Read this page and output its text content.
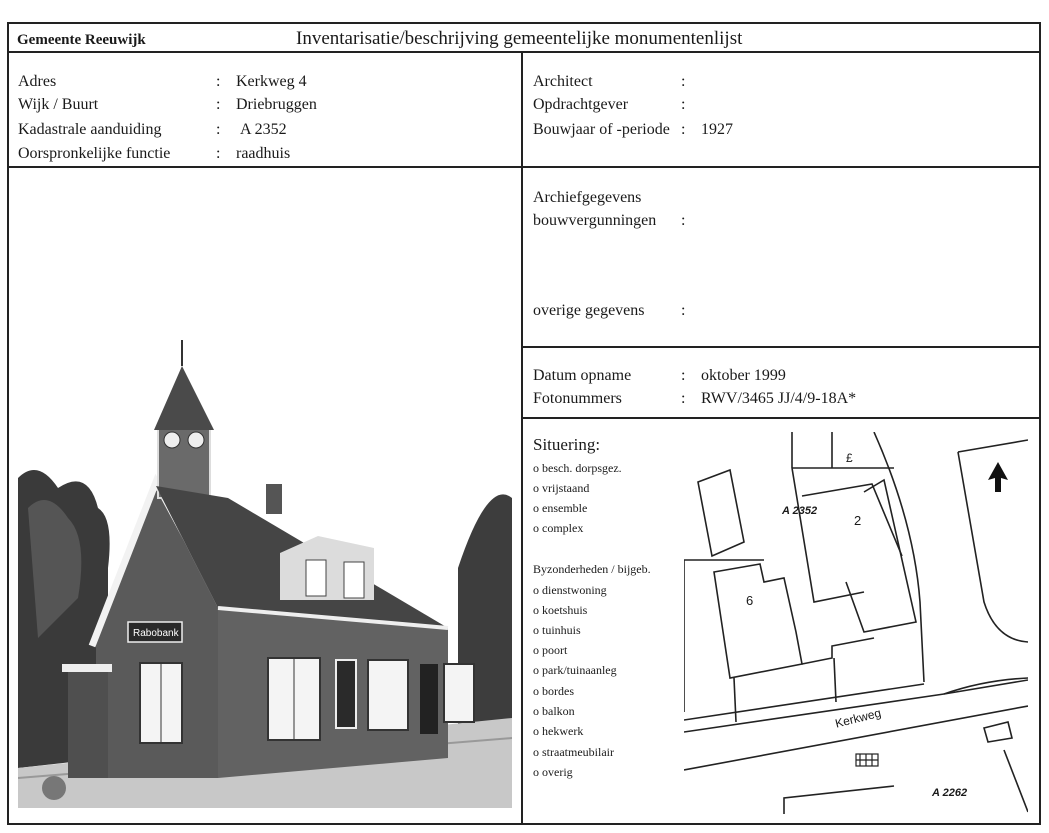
Gemeente Reeuwijk	Inventarisatie/beschrijving gemeentelijke monumentenlijst
Adres	: Kerkweg 4
Wijk / Buurt	: Driebruggen
Kadastrale aanduiding	: A 2352
Oorspronkelijke functie	: raadhuis
Architect	:
Opdrachtgever	:
Bouwjaar of -periode : 1927
Archiefgegevens
bouwvergunningen :
overige gegevens :
Datum opname	: oktober 1999
Fotonummers	: RWV/3465 JJ/4/9-18A*
Situering:
o besch. dorpsgez.
o vrijstaand
o ensemble
o complex
Byzonderheden / bijgeb.
o dienstwoning
o koetshuis
o tuinhuis
o poort
o park/tuinaanleg
o bordes
o balkon
o hekwerk
o straatmeubilair
o overig
A 2352
2
6
£
Kerkweg
A 2262
Rabobank
